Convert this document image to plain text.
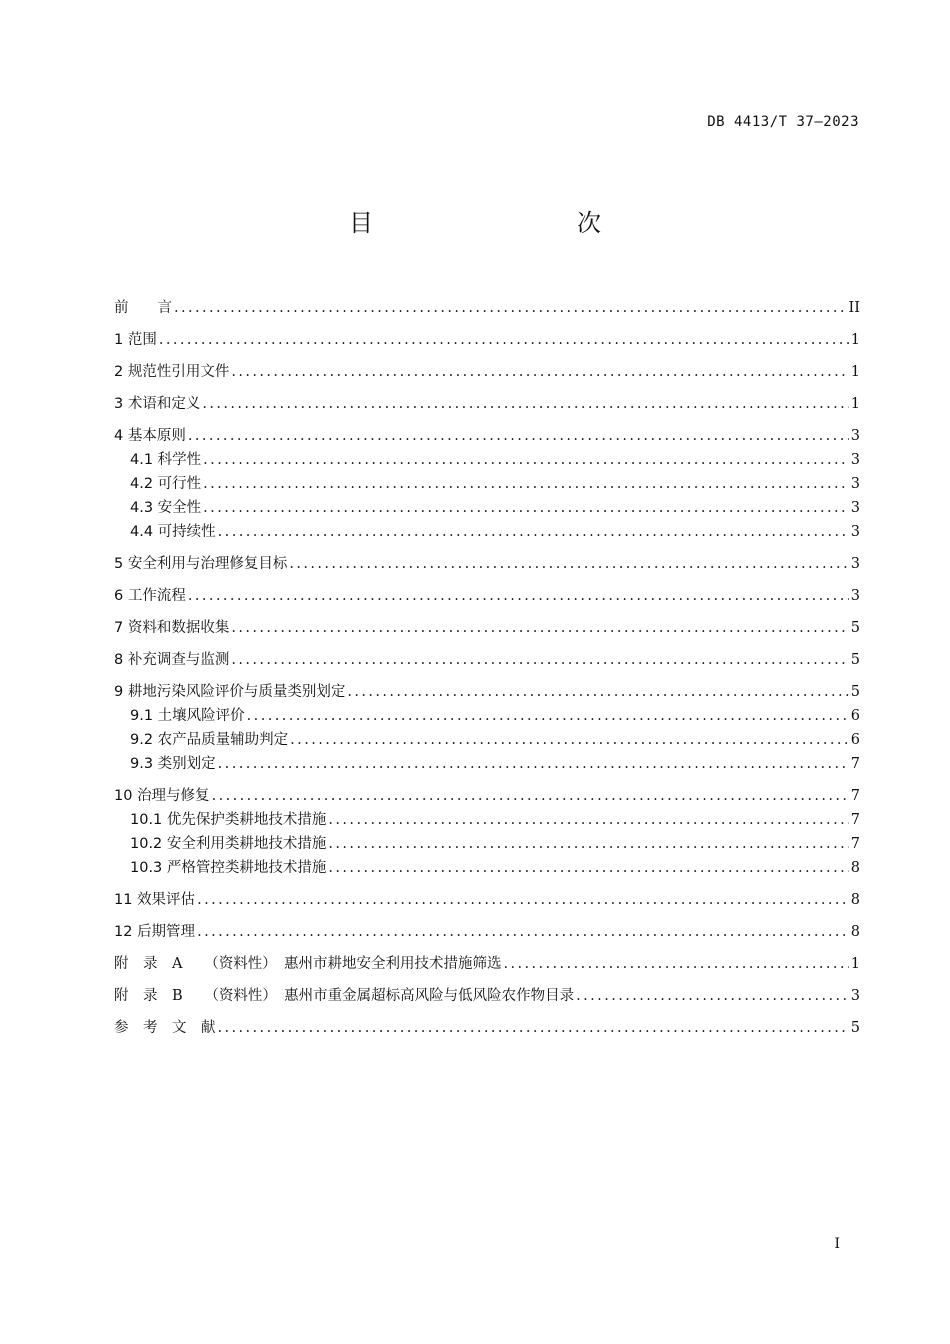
DB 4413/T 37—2023
目　　次
前　　言 .....	II
1 范围 .....	1
2 规范性引用文件 .....	1
3 术语和定义 .....	1
4 基本原则 .....	3
4.1 科学性 .....	3
4.2 可行性 .....	3
4.3 安全性 .....	3
4.4 可持续性 .....	3
5 安全利用与治理修复目标 .....	3
6 工作流程 .....	3
7 资料和数据收集 .....	5
8 补充调查与监测 .....	5
9 耕地污染风险评价与质量类别划定 .....	5
9.1 土壤风险评价 .....	6
9.2 农产品质量辅助判定 .....	6
9.3 类别划定 .....	7
10 治理与修复 .....	7
10.1 优先保护类耕地技术措施 .....	7
10.2 安全利用类耕地技术措施 .....	7
10.3 严格管控类耕地技术措施 .....	8
11 效果评估 .....	8
12 后期管理 .....	8
附　录　A　　（资料性）　惠州市耕地安全利用技术措施筛选 .....	1
附　录　B　　（资料性）　惠州市重金属超标高风险与低风险农作物目录 .....	3
参　考　文　献 .....	5
I
